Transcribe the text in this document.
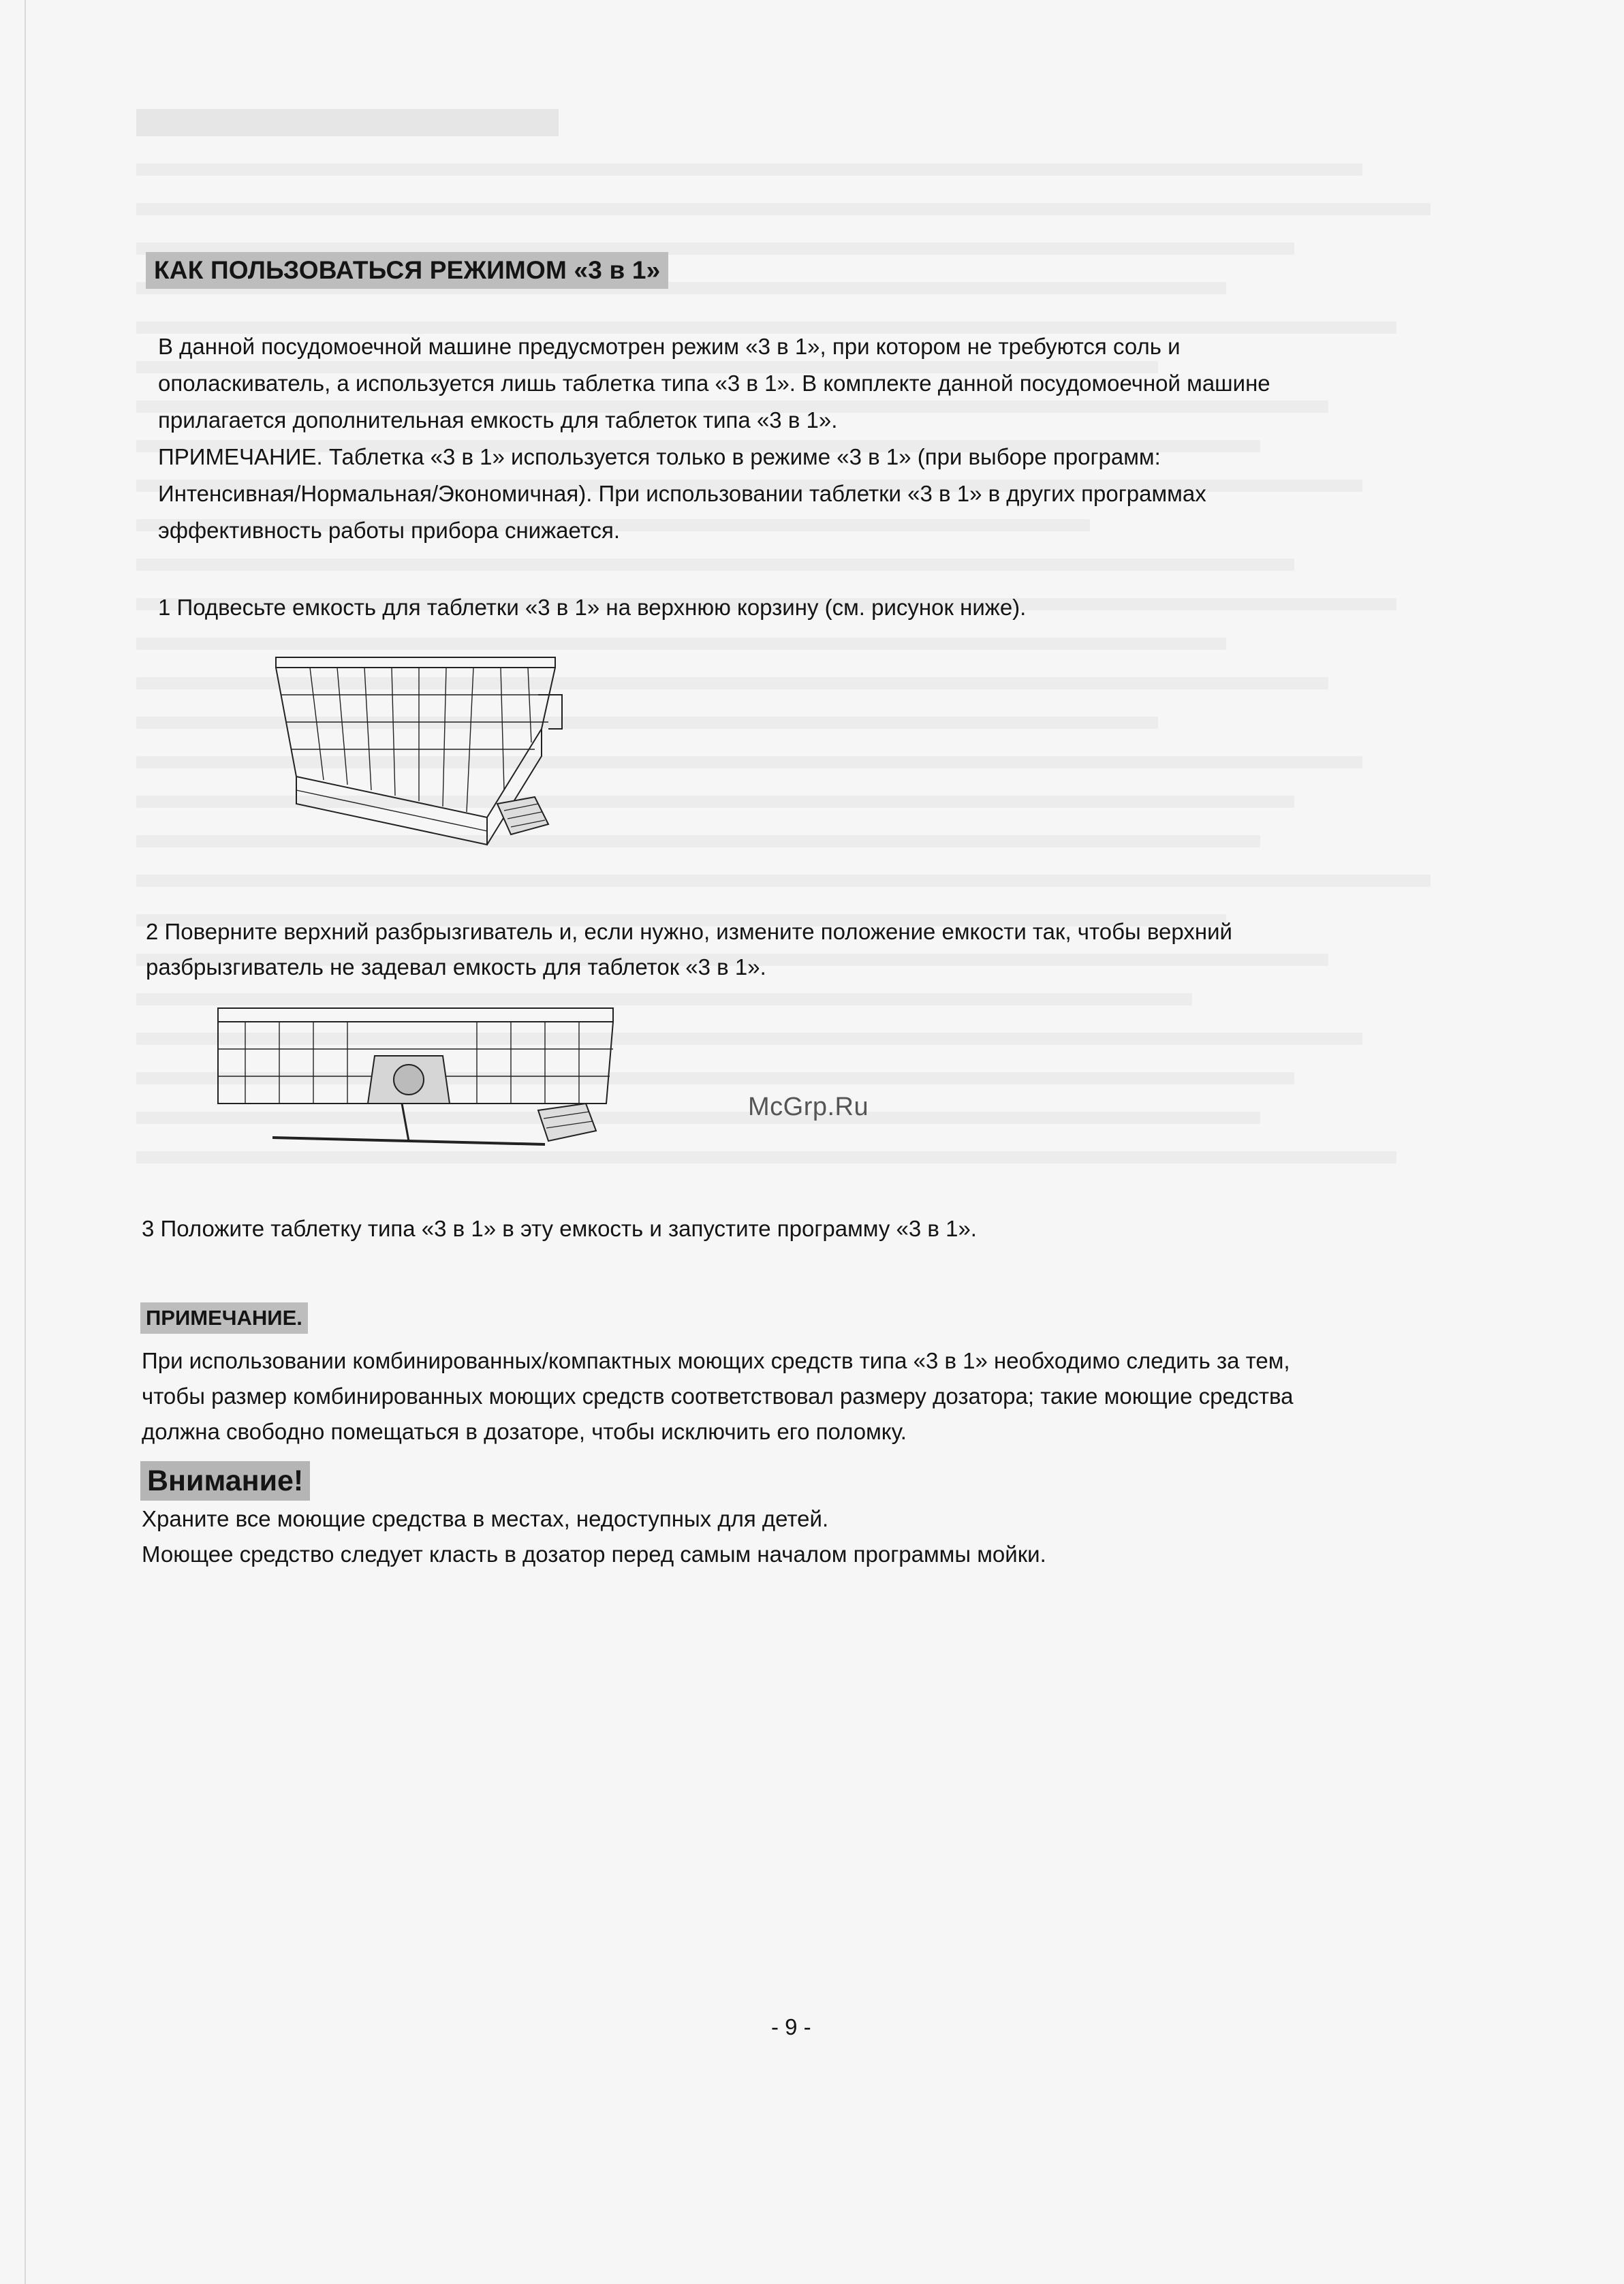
КАК ПОЛЬЗОВАТЬСЯ РЕЖИМОМ «3 в 1»

В данной посудомоечной машине предусмотрен режим «3 в 1», при котором не требуются соль и

ополаскиватель, а используется лишь таблетка типа «3 в 1». В комплекте данной посудомоечной машине

прилагается дополнительная емкость для таблеток типа «3 в 1».

ПРИМЕЧАНИЕ. Таблетка «3 в 1» используется только в режиме «3 в 1» (при выборе программ:

Интенсивная/Нормальная/Экономичная). При использовании таблетки «3 в 1» в других программах

эффективность работы прибора снижается.

1 Подвесьте емкость для таблетки «3 в 1» на верхнюю корзину (см. рисунок ниже).

2 Поверните верхний разбрызгиватель и, если нужно, измените положение емкости так, чтобы верхний

разбрызгиватель не задевал емкость для таблеток «3 в 1».

McGrp.Ru

3 Положите таблетку типа «3 в 1» в эту емкость и запустите программу «3 в 1».

ПРИМЕЧАНИЕ.

При использовании комбинированных/компактных моющих средств типа «3 в 1» необходимо следить за тем,

чтобы размер комбинированных моющих средств соответствовал размеру дозатора; такие моющие средства

должна свободно помещаться в дозаторе, чтобы исключить его поломку.

Внимание!

Храните все моющие средства в местах, недоступных для детей.

Моющее средство следует класть в дозатор перед самым началом программы мойки.

- 9 -
